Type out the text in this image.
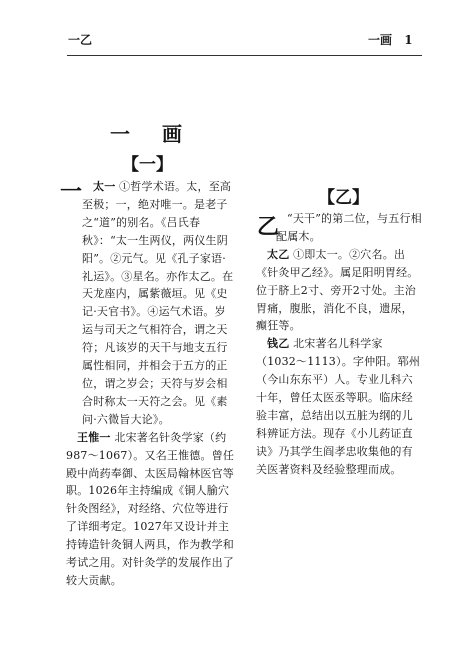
一乙	一画 1
一　画
【一】
一 太一 ①哲学术语。太，至高至极；一，绝对唯一。是老子之“道”的别名。《吕氏春秋》：“太一生两仪，两仪生阴阳”。②元气。见《孔子家语·礼运》。③星名。亦作太乙。在天龙座内，属紫薇垣。见《史记·天官书》。④运气术语。岁运与司天之气相符合，谓之天符；凡该岁的天干与地支五行属性相同，并相会于五方的正位，谓之岁会；天符与岁会相合时称太一天符之会。见《素问·六微旨大论》。

王惟一 北宋著名针灸学家（约987～1067）。又名王惟德。曾任殿中尚药奉御、太医局翰林医官等职。1026年主持编成《铜人腧穴针灸图经》，对经络、穴位等进行了详细考定。1027年又设计并主持铸造针灸铜人两具，作为教学和考试之用。对针灸学的发展作出了较大贡献。

【乙】
乙 “天干”的第二位，与五行相配属木。

太乙 ①即太一。②穴名。出《针灸甲乙经》。属足阳明胃经。位于脐上2寸、旁开2寸处。主治胃痛，腹胀，消化不良，遗尿，癫狂等。

钱乙 北宋著名儿科学家（1032～1113）。字仲阳。郓州（今山东东平）人。专业儿科六十年，曾任太医丞等职。临床经验丰富，总结出以五脏为纲的儿科辨证方法。现存《小儿药证直诀》乃其学生阎孝忠收集他的有关医著资料及经验整理而成。
